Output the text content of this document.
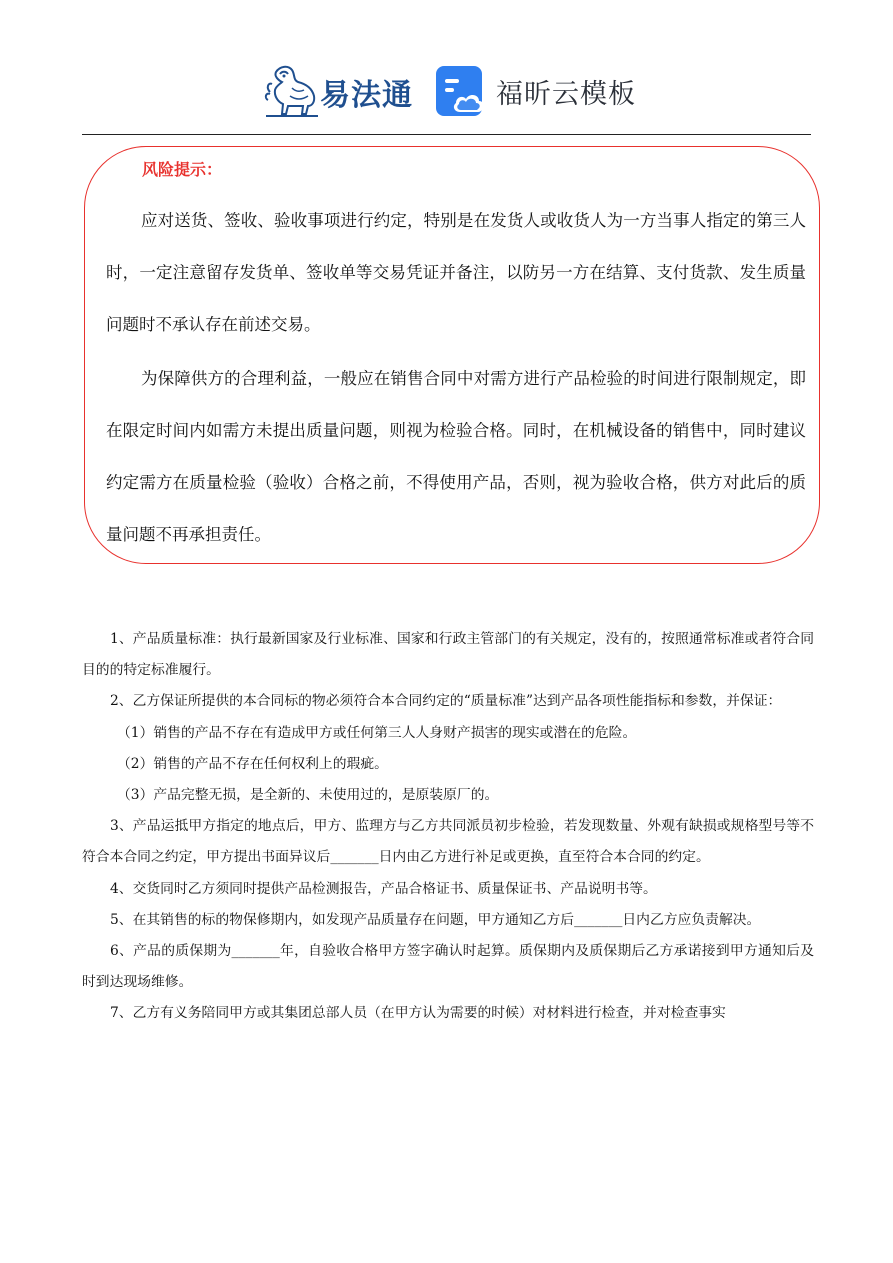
易法通	福昕云模板
风险提示：

应对送货、签收、验收事项进行约定，特别是在发货人或收货人为一方当事人指定的第三人时，一定注意留存发货单、签收单等交易凭证并备注，以防另一方在结算、支付货款、发生质量问题时不承认存在前述交易。

为保障供方的合理利益，一般应在销售合同中对需方进行产品检验的时间进行限制规定，即在限定时间内如需方未提出质量问题，则视为检验合格。同时，在机械设备的销售中，同时建议约定需方在质量检验（验收）合格之前，不得使用产品，否则，视为验收合格，供方对此后的质量问题不再承担责任。

1、产品质量标准：执行最新国家及行业标准、国家和行政主管部门的有关规定，没有的，按照通常标准或者符合同目的的特定标准履行。

2、乙方保证所提供的本合同标的物必须符合本合同约定的“质量标准”达到产品各项性能指标和参数，并保证：

（1）销售的产品不存在有造成甲方或任何第三人人身财产损害的现实或潜在的危险。

（2）销售的产品不存在任何权利上的瑕疵。

（3）产品完整无损，是全新的、未使用过的，是原装原厂的。

3、产品运抵甲方指定的地点后，甲方、监理方与乙方共同派员初步检验，若发现数量、外观有缺损或规格型号等不符合本合同之约定，甲方提出书面异议后_______日内由乙方进行补足或更换，直至符合本合同的约定。

4、交货同时乙方须同时提供产品检测报告，产品合格证书、质量保证书、产品说明书等。

5、在其销售的标的物保修期内，如发现产品质量存在问题，甲方通知乙方后_______日内乙方应负责解决。

6、产品的质保期为_______年，自验收合格甲方签字确认时起算。质保期内及质保期后乙方承诺接到甲方通知后及时到达现场维修。

7、乙方有义务陪同甲方或其集团总部人员（在甲方认为需要的时候）对材料进行检查，并对检查事实
